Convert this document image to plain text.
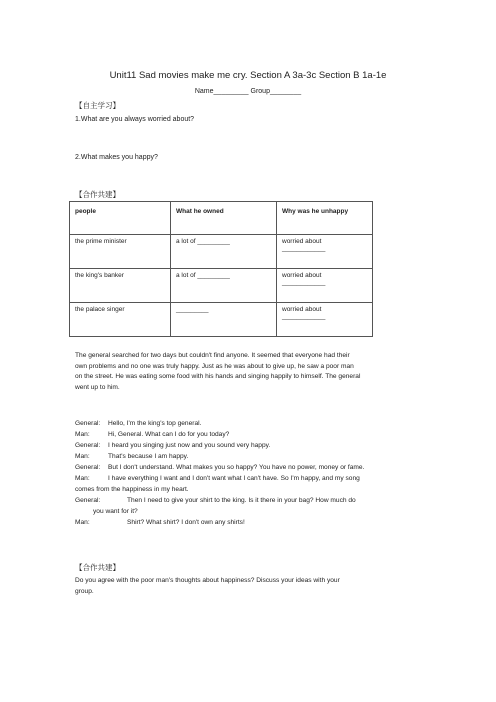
Unit11 Sad movies make me cry. Section A 3a-3c Section B 1a-1e
Name_________ Group________
【自主学习】
1.What are you always worried about?
2.What makes you happy?
【合作共建】
people	What he owned	Why was he unhappy
the prime minister	a lot of _________	worried about
____________

the king's banker	a lot of _________	worried about
____________

the palace singer	_________	worried about
____________
The general searched for two days but couldn't find anyone. It seemed that everyone had their
own problems and no one was truly happy. Just as he was about to give up, he saw a poor man
on the street. He was eating some food with his hands and singing happily to himself. The general
went up to him.
General: Hello, I'm the king's top general.
Man:	Hi, General. What can I do for you today?
General: I heard you singing just now and you sound very happy.
Man:	That's because I am happy.
General: But I don't understand. What makes you so happy? You have no power, money or fame.
Man:	I have everything I want and I don't want what I can't have. So I'm happy, and my song
comes from the happiness in my heart.
General:	Then I need to give your shirt to the king. Is it there in your bag? How much do
you want for it?
Man:	Shirt? What shirt? I don't own any shirts!
【合作共建】
Do you agree with the poor man's thoughts about happiness? Discuss your ideas with your
group.
